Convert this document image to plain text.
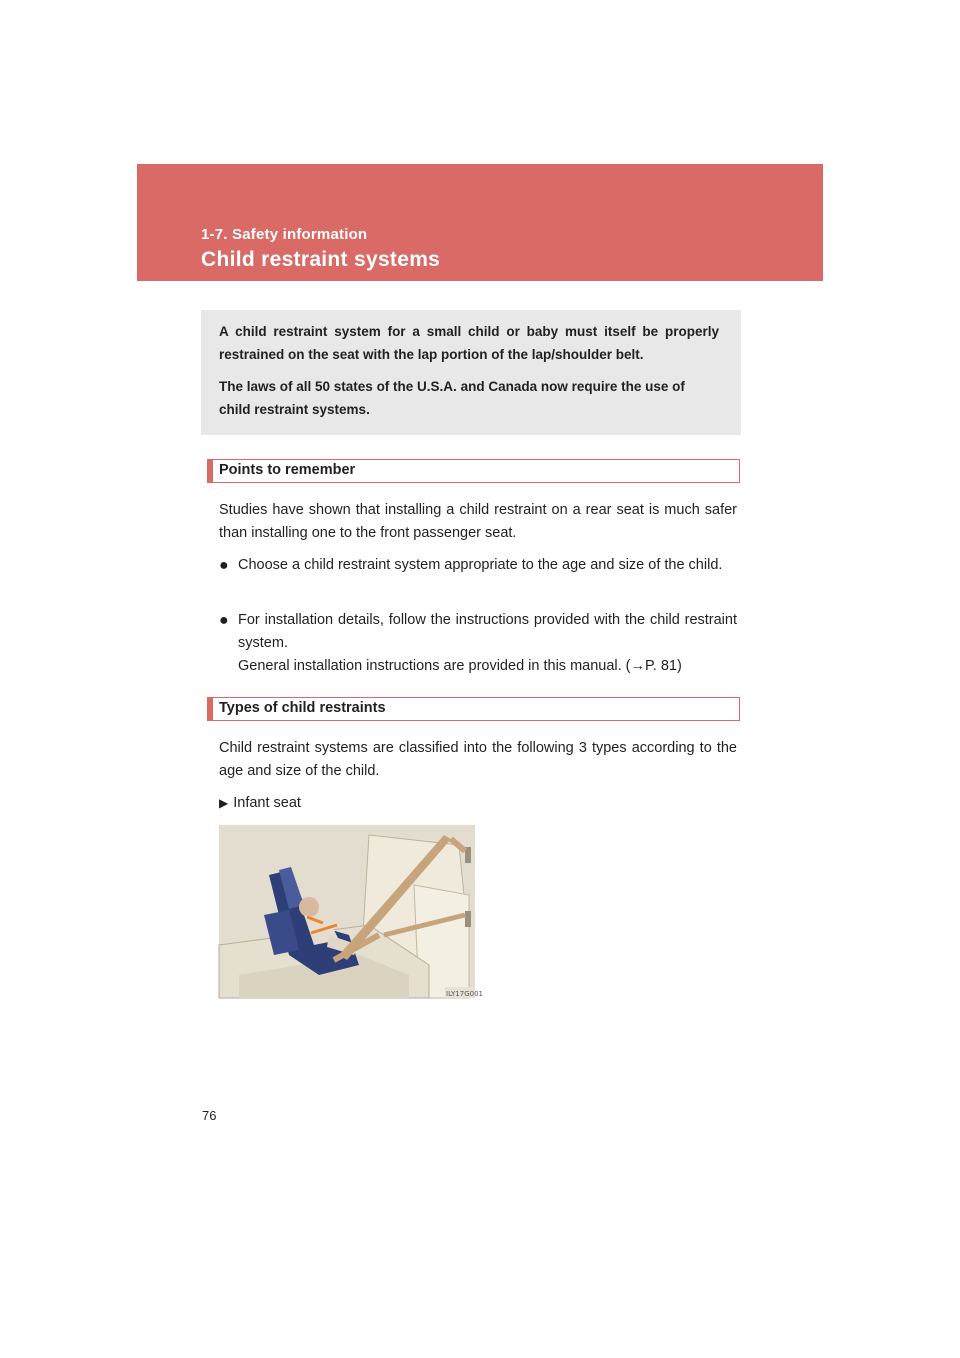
1-7. Safety information
Child restraint systems

A child restraint system for a small child or baby must itself be properly restrained on the seat with the lap portion of the lap/shoulder belt.

The laws of all 50 states of the U.S.A. and Canada now require the use of child restraint systems.

Points to remember

Studies have shown that installing a child restraint on a rear seat is much safer than installing one to the front passenger seat.

● Choose a child restraint system appropriate to the age and size of the child.
● For installation details, follow the instructions provided with the child restraint system.
General installation instructions are provided in this manual. (→P. 81)
Types of child restraints

Child restraint systems are classified into the following 3 types according to the age and size of the child.

▶ Infant seat
ILY17G001
76
